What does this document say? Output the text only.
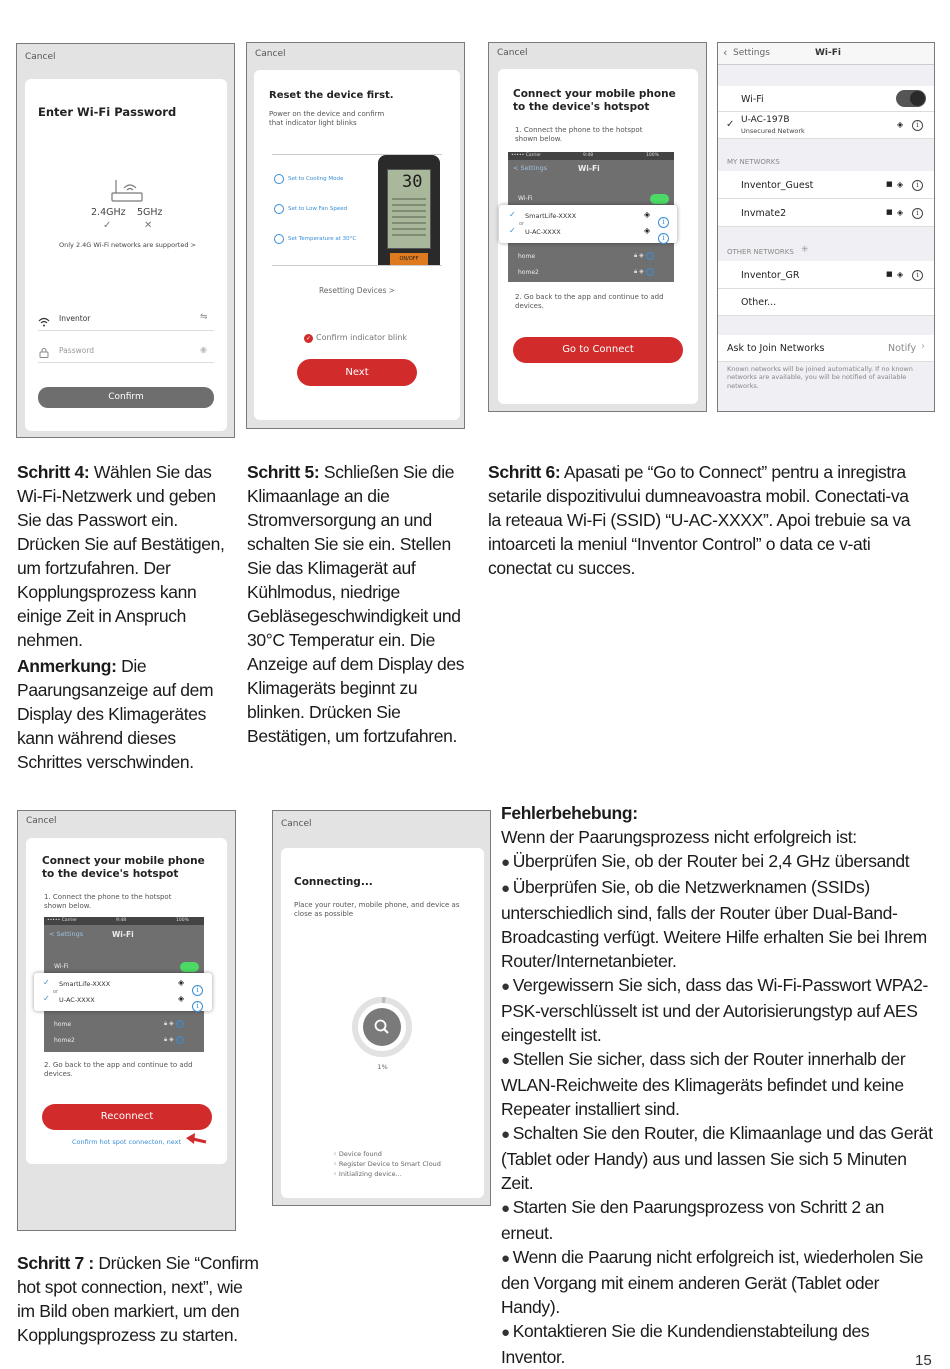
Cancel
Enter Wi-Fi Password
2.4GHz 5GHz
✓	✕
Only 2.4G Wi-Fi networks are supported >
Inventor	⇋
Password	◉
Confirm
Cancel
Reset the device first.
Power on the device and confirm that indicator light blinks
Set to Cooling Mode
Set to Low Fan Speed
Set Temperature at 30°C
30
ON/OFF
Resetting Devices >
✓ Confirm indicator blink
Next
Cancel
Connect your mobile phone to the device's hotspot
1. Connect the phone to the hotspot shown below.
••••• Carrier	9:48	100%
< Settings	Wi-Fi
Wi-Fi
home
home2
🔒︎ ◈ i
🔒︎ ◈ i
✓ SmartLife-XXXX
or
✓ U-AC-XXXX
◈
i
◈
i
2. Go back to the app and continue to add devices.
Go to Connect
‹ Settings	Wi-Fi
Wi-Fi
✓ U-AC-197B
Unsecured Network
◈	i
MY NETWORKS
Inventor_Guest	■ ◈	i
Invmate2	■ ◈	i
OTHER NETWORKS ✳
Inventor_GR	■ ◈	i
Other...
Ask to Join Networks	Notify ›
Known networks will be joined automatically. If no known networks are available, you will be notified of available networks.
Schritt 4: Wählen Sie das Wi-Fi-Netzwerk und geben Sie das Passwort ein. Drücken Sie auf Bestätigen, um fortzufahren. Der Kopplungsprozess kann einige Zeit in Anspruch nehmen.
Anmerkung: Die Paarungsanzeige auf dem Display des Klimagerätes kann während dieses Schrittes verschwinden.
Schritt 5: Schließen Sie die Klimaanlage an die Stromversorgung an und schalten Sie sie ein. Stellen Sie das Klimagerät auf Kühlmodus, niedrige Gebläsegeschwindigkeit und 30°C Temperatur ein. Die Anzeige auf dem Display des Klimageräts beginnt zu blinken. Drücken Sie Bestätigen, um fortzufahren.
Schritt 6: Apasati pe “Go to Connect” pentru a inregistra setarile dispozitivului dumneavoastra mobil. Conectati-va la reteaua Wi-Fi (SSID) “U-AC-XXXX”. Apoi trebuie sa va intoarceti la meniul “Inventor Control” o data ce v-ati conectat cu succes.
Cancel
Connect your mobile phone to the device's hotspot
1. Connect the phone to the hotspot shown below.
••••• Carrier	9:48	100%
< Settings	Wi-Fi
Wi-Fi
home
home2
🔒︎ ◈ i
🔒︎ ◈ i
✓ SmartLife-XXXX
or
✓ U-AC-XXXX
◈
i
◈
i
2. Go back to the app and continue to add devices.
Reconnect
Confirm hot spot connecton, next
Cancel
Connecting...
Place your router, mobile phone, and device as close as possible
1%
◦ Device found
◦ Register Device to Smart Cloud
◦ Initializing device...
Schritt 7 : Drücken Sie “Confirm hot spot connection, next”, wie im Bild oben markiert, um den Kopplungsprozess zu starten.
Fehlerbehebung:
Wenn der Paarungsprozess nicht erfolgreich ist:
● Überprüfen Sie, ob der Router bei 2,4 GHz übersandt
● Überprüfen Sie, ob die Netzwerknamen (SSIDs) unterschiedlich sind, falls der Router über Dual-Band-Broadcasting verfügt. Weitere Hilfe erhalten Sie bei Ihrem Router/Internetanbieter.
● Vergewissern Sie sich, dass das Wi-Fi-Passwort WPA2-PSK-verschlüsselt ist und der Autorisierungstyp auf AES eingestellt ist.
● Stellen Sie sicher, dass sich der Router innerhalb der WLAN-Reichweite des Klimageräts befindet und keine Repeater installiert sind.
● Schalten Sie den Router, die Klimaanlage und das Gerät (Tablet oder Handy) aus und lassen Sie sich 5 Minuten Zeit.
● Starten Sie den Paarungsprozess von Schritt 2 an erneut.
● Wenn die Paarung nicht erfolgreich ist, wiederholen Sie den Vorgang mit einem anderen Gerät (Tablet oder Handy).
● Kontaktieren Sie die Kundendienstabteilung des Inventor.	15
